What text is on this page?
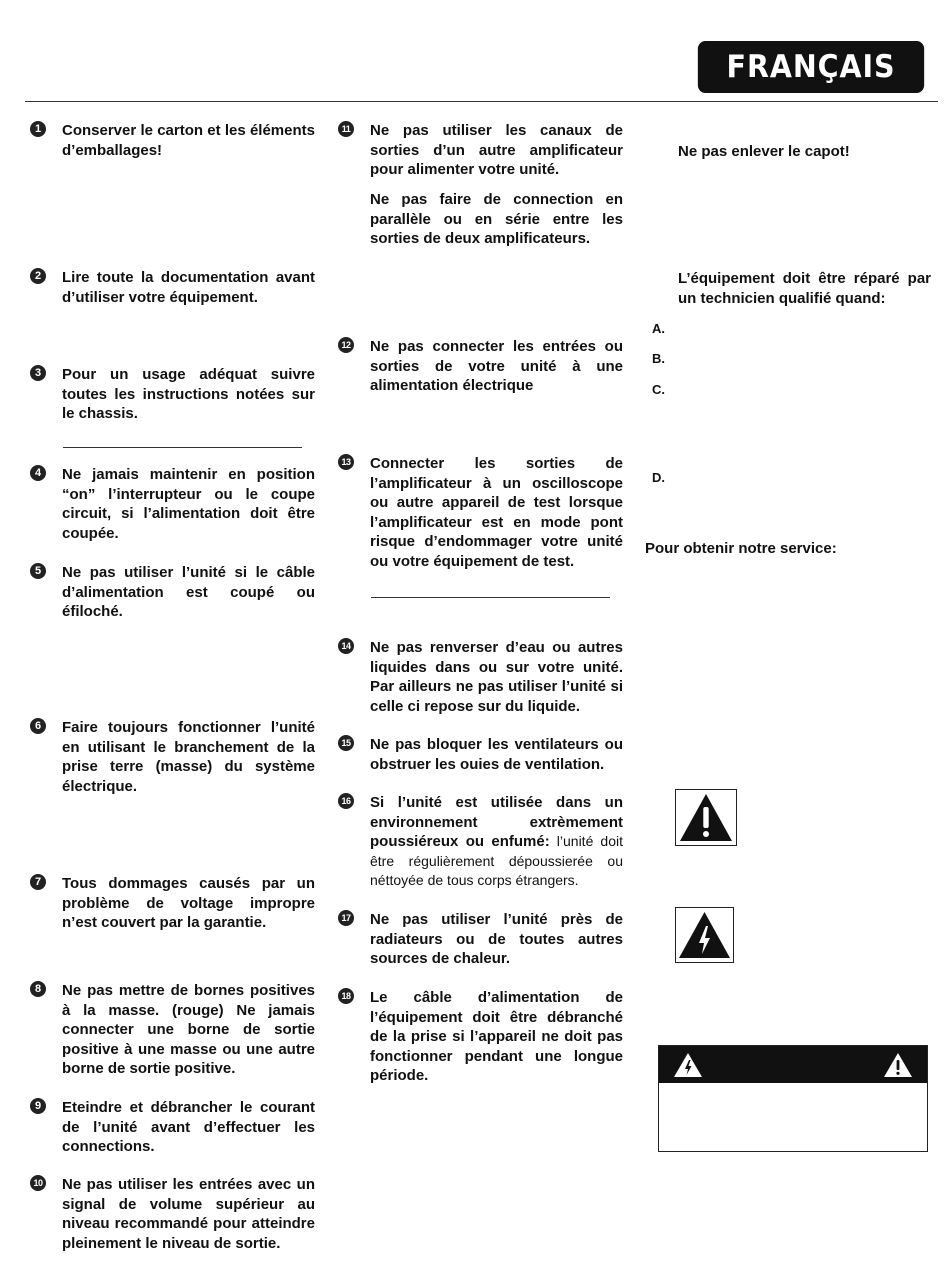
FRANÇAIS
1	Conserver le carton et les éléments d’emballages!
2	Lire toute la documentation avant d’utiliser votre équipement.
3	Pour un usage adéquat suivre toutes les instructions notées sur le chassis.
4	Ne jamais maintenir en position “on” l’interrupteur ou le coupe circuit, si l’alimentation doit être coupée.
5	Ne pas utiliser l’unité si le câble d’alimentation est coupé ou éfiloché.
6	Faire toujours fonctionner l’unité en utilisant le branchement de la prise terre (masse) du système électrique.
7	Tous dommages causés par un problème de voltage impropre n’est couvert par la garantie.
8	Ne pas mettre de bornes positives à la masse. (rouge) Ne jamais connecter une borne de sortie positive à une masse ou une autre borne de sortie positive.
9	Eteindre et débrancher le courant de l’unité avant d’effectuer les connections.
10 Ne pas utiliser les entrées avec un signal de volume supérieur au niveau recommandé pour atteindre pleinement le niveau de sortie.
11 Ne pas utiliser les canaux de sorties d’un autre amplificateur pour alimenter votre unité.
Ne pas faire de connection en parallèle ou en série entre les sorties de deux amplificateurs.
12 Ne pas connecter les entrées ou sorties de votre unité à une alimentation électrique
13 Connecter les sorties de l’amplificateur à un oscilloscope ou autre appareil de test lorsque l’amplificateur est en mode pont risque d’endommager votre unité ou votre équipement de test.
14 Ne pas renverser d’eau ou autres liquides dans ou sur votre unité. Par ailleurs ne pas utiliser l’unité si celle ci repose sur du liquide.
15 Ne pas bloquer les ventilateurs ou obstruer les ouies de ventilation.
16 Si l’unité est utilisée dans un environnement extrèmement poussiéreux ou enfumé: l’unité doit être régulièrement dépoussierée ou néttoyée de tous corps étrangers.
17 Ne pas utiliser l’unité près de radiateurs ou de toutes autres sources de chaleur.
18 Le câble d’alimentation de l’équipement doit être débranché de la prise si l’appareil ne doit pas fonctionner pendant une longue période.
Ne pas enlever le capot!
L’équipement doit être réparé par un technicien qualifié quand:
A.
B.
C.
D.
Pour obtenir notre service:
